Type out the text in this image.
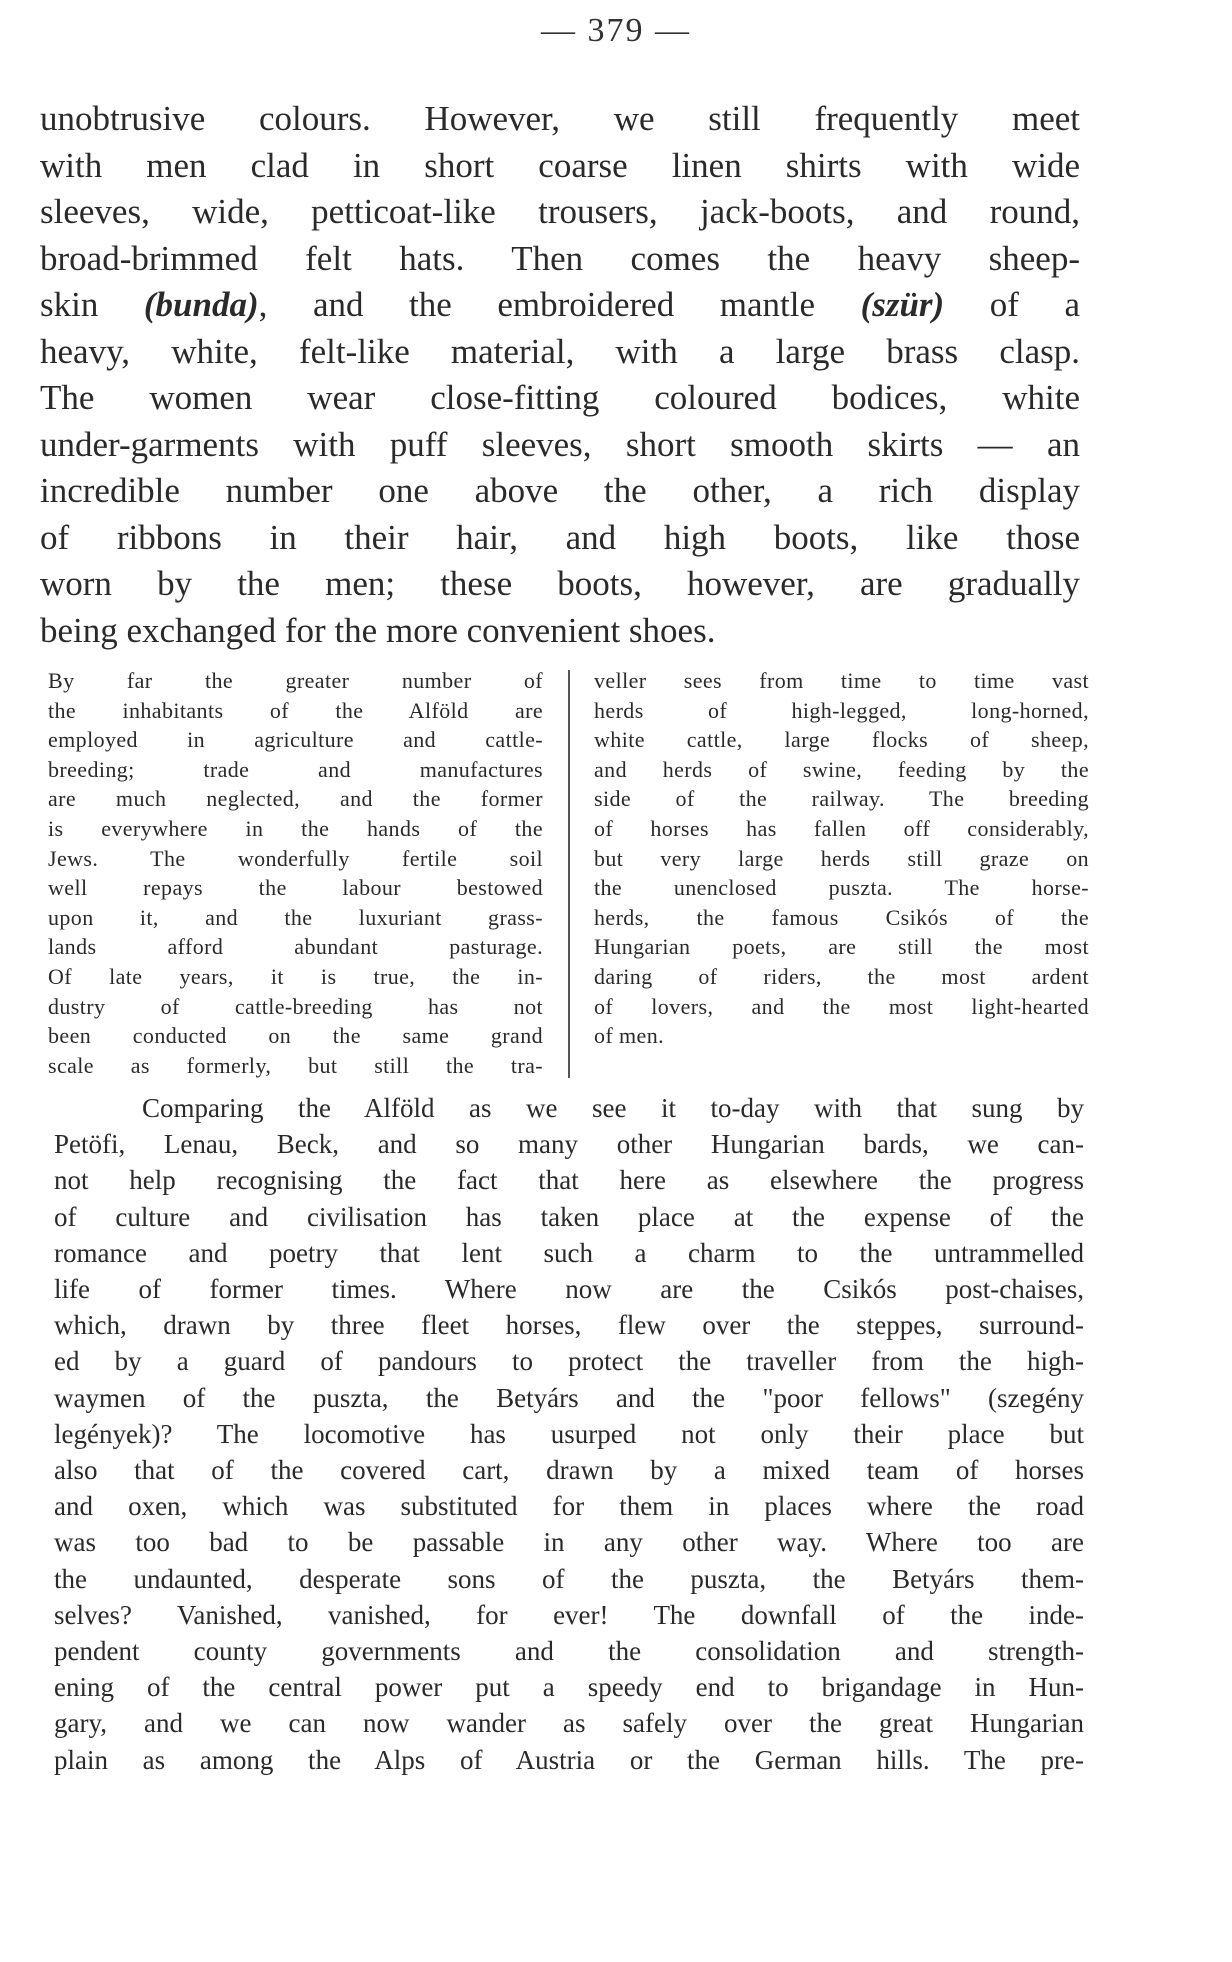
— 379 —
unobtrusive colours. However, we still frequently meet
with men clad in short coarse linen shirts with wide
sleeves, wide, petticoat-like trousers, jack-boots, and round,
broad-brimmed felt hats. Then comes the heavy sheep-
skin (bunda), and the embroidered mantle (szür) of a
heavy, white, felt-like material, with a large brass clasp.
The women wear close-fitting coloured bodices, white
under-garments with puff sleeves, short smooth skirts — an
incredible number one above the other, a rich display
of ribbons in their hair, and high boots, like those
worn by the men; these boots, however, are gradually
being exchanged for the more convenient shoes.
By far the greater number of
the inhabitants of the Alföld are
employed in agriculture and cattle-
breeding; trade and manufactures
are much neglected, and the former
is everywhere in the hands of the
Jews. The wonderfully fertile soil
well repays the labour bestowed
upon it, and the luxuriant grass-
lands afford abundant pasturage.
Of late years, it is true, the in-
dustry of cattle-breeding has not
been conducted on the same grand
scale as formerly, but still the tra-
veller sees from time to time vast
herds of high-legged, long-horned,
white cattle, large flocks of sheep,
and herds of swine, feeding by the
side of the railway. The breeding
of horses has fallen off considerably,
but very large herds still graze on
the unenclosed puszta. The horse-
herds, the famous Csikós of the
Hungarian poets, are still the most
daring of riders, the most ardent
of lovers, and the most light-hearted
of men.
Comparing the Alföld as we see it to-day with that sung by
Petöfi, Lenau, Beck, and so many other Hungarian bards, we can-
not help recognising the fact that here as elsewhere the progress
of culture and civilisation has taken place at the expense of the
romance and poetry that lent such a charm to the untrammelled
life of former times. Where now are the Csikós post-chaises,
which, drawn by three fleet horses, flew over the steppes, surround-
ed by a guard of pandours to protect the traveller from the high-
waymen of the puszta, the Betyárs and the "poor fellows" (szegény
legények)? The locomotive has usurped not only their place but
also that of the covered cart, drawn by a mixed team of horses
and oxen, which was substituted for them in places where the road
was too bad to be passable in any other way. Where too are
the undaunted, desperate sons of the puszta, the Betyárs them-
selves? Vanished, vanished, for ever! The downfall of the inde-
pendent county governments and the consolidation and strength-
ening of the central power put a speedy end to brigandage in Hun-
gary, and we can now wander as safely over the great Hungarian
plain as among the Alps of Austria or the German hills. The pre-
